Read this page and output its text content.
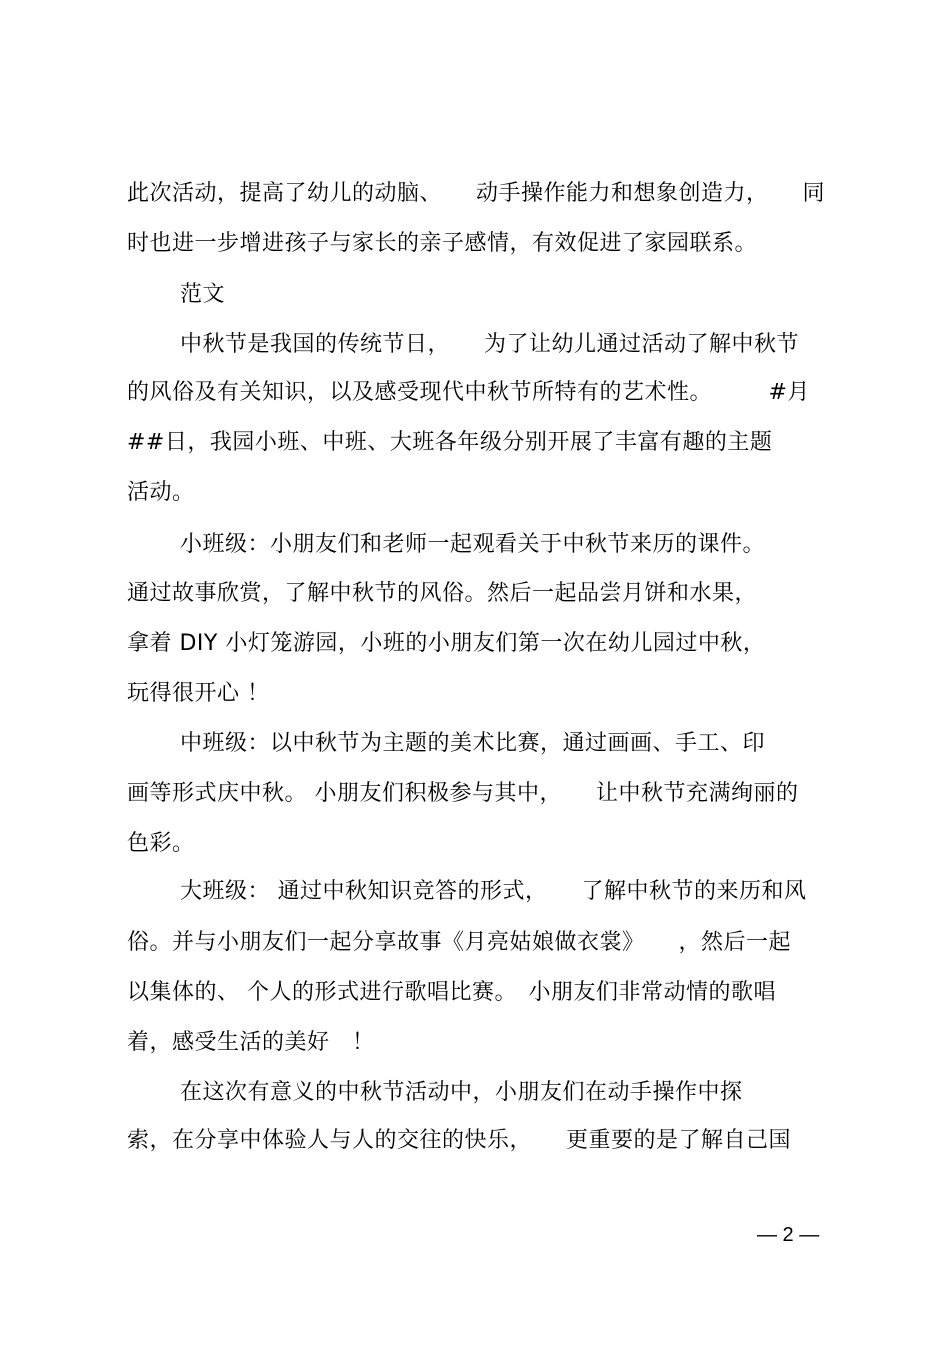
此次活动，提高了幼儿的动脑、　　动手操作能力和想象创造力，　　同
时也进一步增进孩子与家长的亲子感情，有效促进了家园联系。
范文
中秋节是我国的传统节日，　　为了让幼儿通过活动了解中秋节
的风俗及有关知识，以及感受现代中秋节所特有的艺术性。　　　#月
##日，我园小班、中班、大班各年级分别开展了丰富有趣的主题
活动。
小班级：小朋友们和老师一起观看关于中秋节来历的课件。
通过故事欣赏，了解中秋节的风俗。然后一起品尝月饼和水果，
拿着 DIY 小灯笼游园，小班的小朋友们第一次在幼儿园过中秋，
玩得很开心 ！
中班级：以中秋节为主题的美术比赛，通过画画、手工、印
画等形式庆中秋。 小朋友们积极参与其中，　　让中秋节充满绚丽的
色彩。
大班级： 通过中秋知识竞答的形式，　　了解中秋节的来历和风
俗。并与小朋友们一起分享故事《月亮姑娘做衣裳》　　，然后一起
以集体的、 个人的形式进行歌唱比赛。　小朋友们非常动情的歌唱
着，感受生活的美好　！
在这次有意义的中秋节活动中，小朋友们在动手操作中探
索，在分享中体验人与人的交往的快乐，　　更重要的是了解自己国
— 2 —
